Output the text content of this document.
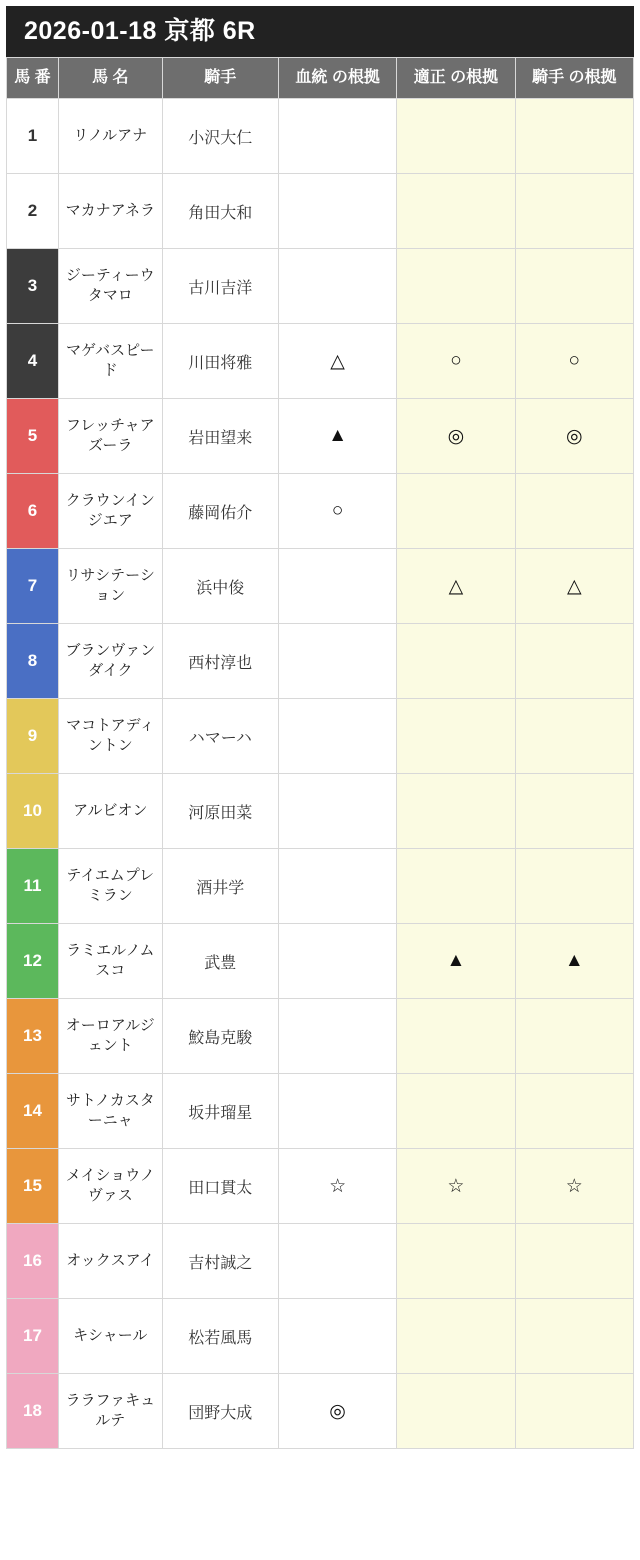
2026-01-18 京都 6R
馬 番	馬 名	騎手	血統 の根拠	適正 の根拠	騎手 の根拠
1	リノルアナ	小沢大仁			
2	マカナアネラ	角田大和			
3	ジーティーウタマロ	古川吉洋			
4	マゲバスピード	川田将雅	△	○	○
5	フレッチャアズーラ	岩田望来	▲	◎	◎
6	クラウンインジエア	藤岡佑介	○		
7	リサシテーション	浜中俊		△	△
8	ブランヴァンダイク	西村淳也			
9	マコトアディントン	ハマーハ			
10	アルビオン	河原田菜			
11	テイエムプレミラン	酒井学			
12	ラミエルノムスコ	武豊		▲	▲
13	オーロアルジェント	鮫島克駿			
14	サトノカスターニャ	坂井瑠星			
15	メイショウノヴァス	田口貫太	☆	☆	☆
16	オックスアイ	吉村誠之			
17	キシャール	松若風馬			
18	ララファキュルテ	団野大成	◎		
